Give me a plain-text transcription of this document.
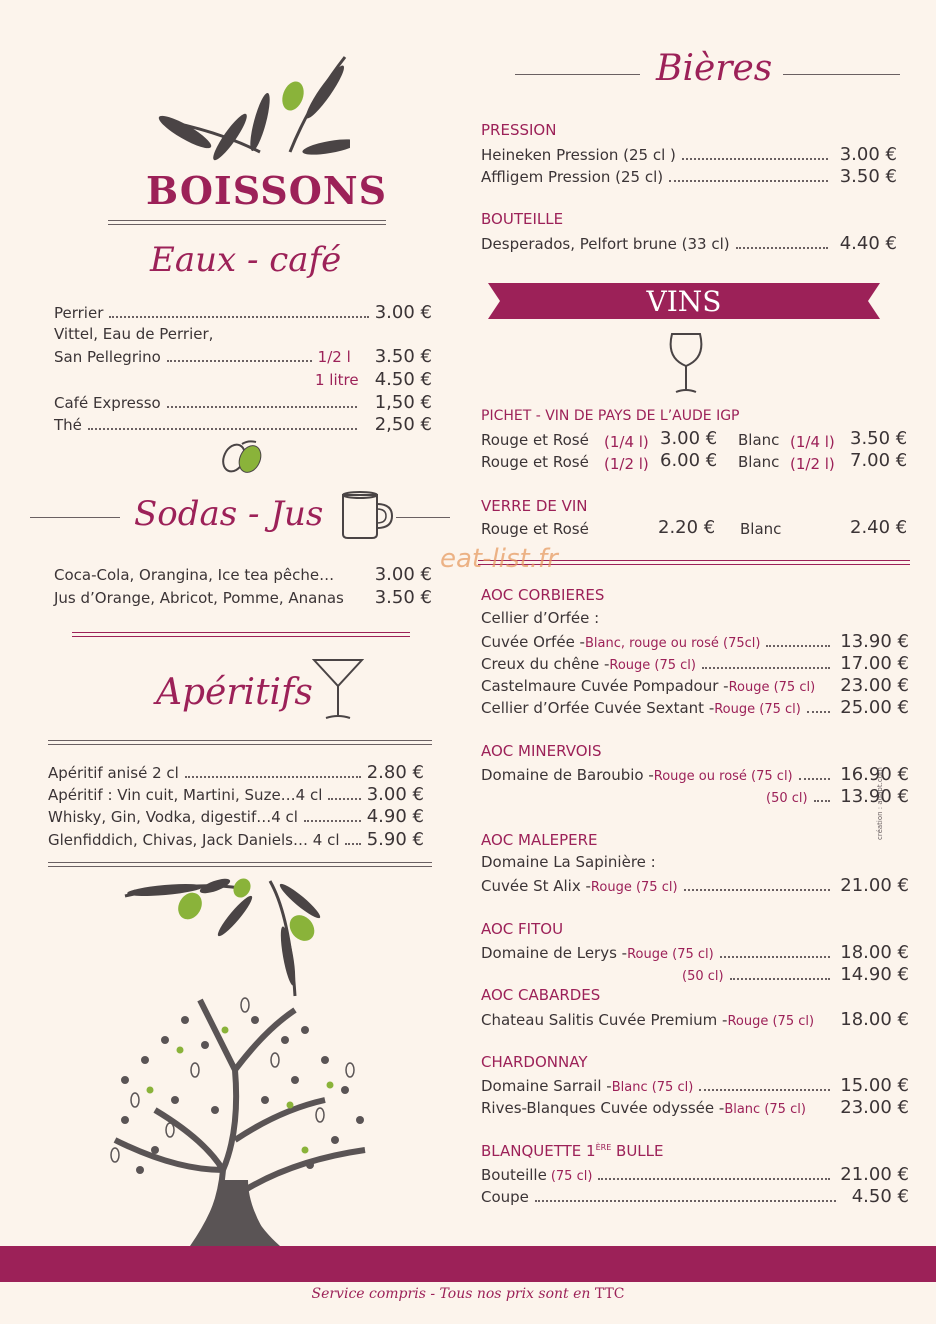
BOISSONS
Eaux - café
Perrier	3.00 €
Vittel, Eau de Perrier,
San Pellegrino	1/2 l 3.50 €
1 litre 4.50 €
Café Expresso	1,50 €
Thé	2,50 €
Sodas - Jus
Coca-Cola, Orangina, Ice tea pêche… 3.00 €
Jus d’Orange, Abricot, Pomme, Ananas 3.50 €
Apéritifs
Apéritif anisé 2 cl	2.80 €
Apéritif : Vin cuit, Martini, Suze…4 cl 3.00 €
Whisky, Gin, Vodka, digestif…4 cl	4.90 €
Glenfiddich, Chivas, Jack Daniels… 4 cl 5.90 €
Bières
PRESSION
Heineken Pression (25 cl )	3.00 €
Affligem Pression (25 cl)	3.50 €
BOUTEILLE
Desperados, Pelfort brune (33 cl)	4.40 €
VINS
PICHET - VIN DE PAYS DE L’AUDE IGP
Rouge et Rosé (1/4 l) 3.00 € Blanc (1/4 l) 3.50 €
Rouge et Rosé (1/2 l) 6.00 € Blanc (1/2 l) 7.00 €
VERRE DE VIN
Rouge et Rosé	2.20 € Blanc	2.40 €
eat-list.fr
AOC CORBIERES
Cellier d’Orfée :
Cuvée Orfée - Blanc, rouge ou rosé (75cl)	13.90 €
Creux du chêne - Rouge (75 cl)	17.00 €
Castelmaure Cuvée Pompadour - Rouge (75 cl) 23.00 €
Cellier d’Orfée Cuvée Sextant - Rouge (75 cl) 25.00 €
AOC MINERVOIS
Domaine de Baroubio - Rouge ou rosé (75 cl)	16.90 €
(50 cl) 13.90 €
création : adapt.com
AOC MALEPERE
Domaine La Sapinière :
Cuvée St Alix - Rouge (75 cl)	21.00 €
AOC FITOU
Domaine de Lerys - Rouge (75 cl)	18.00 €
(50 cl)	14.90 €
AOC CABARDES
Chateau Salitis Cuvée Premium - Rouge (75 cl) 18.00 €
CHARDONNAY
Domaine Sarrail - Blanc (75 cl)	15.00 €
Rives-Blanques Cuvée odyssée - Blanc (75 cl) 23.00 €
BLANQUETTE 1ÈRE BULLE
Bouteille (75 cl)	21.00 €
Coupe	4.50 €
Service compris - Tous nos prix sont en TTC
